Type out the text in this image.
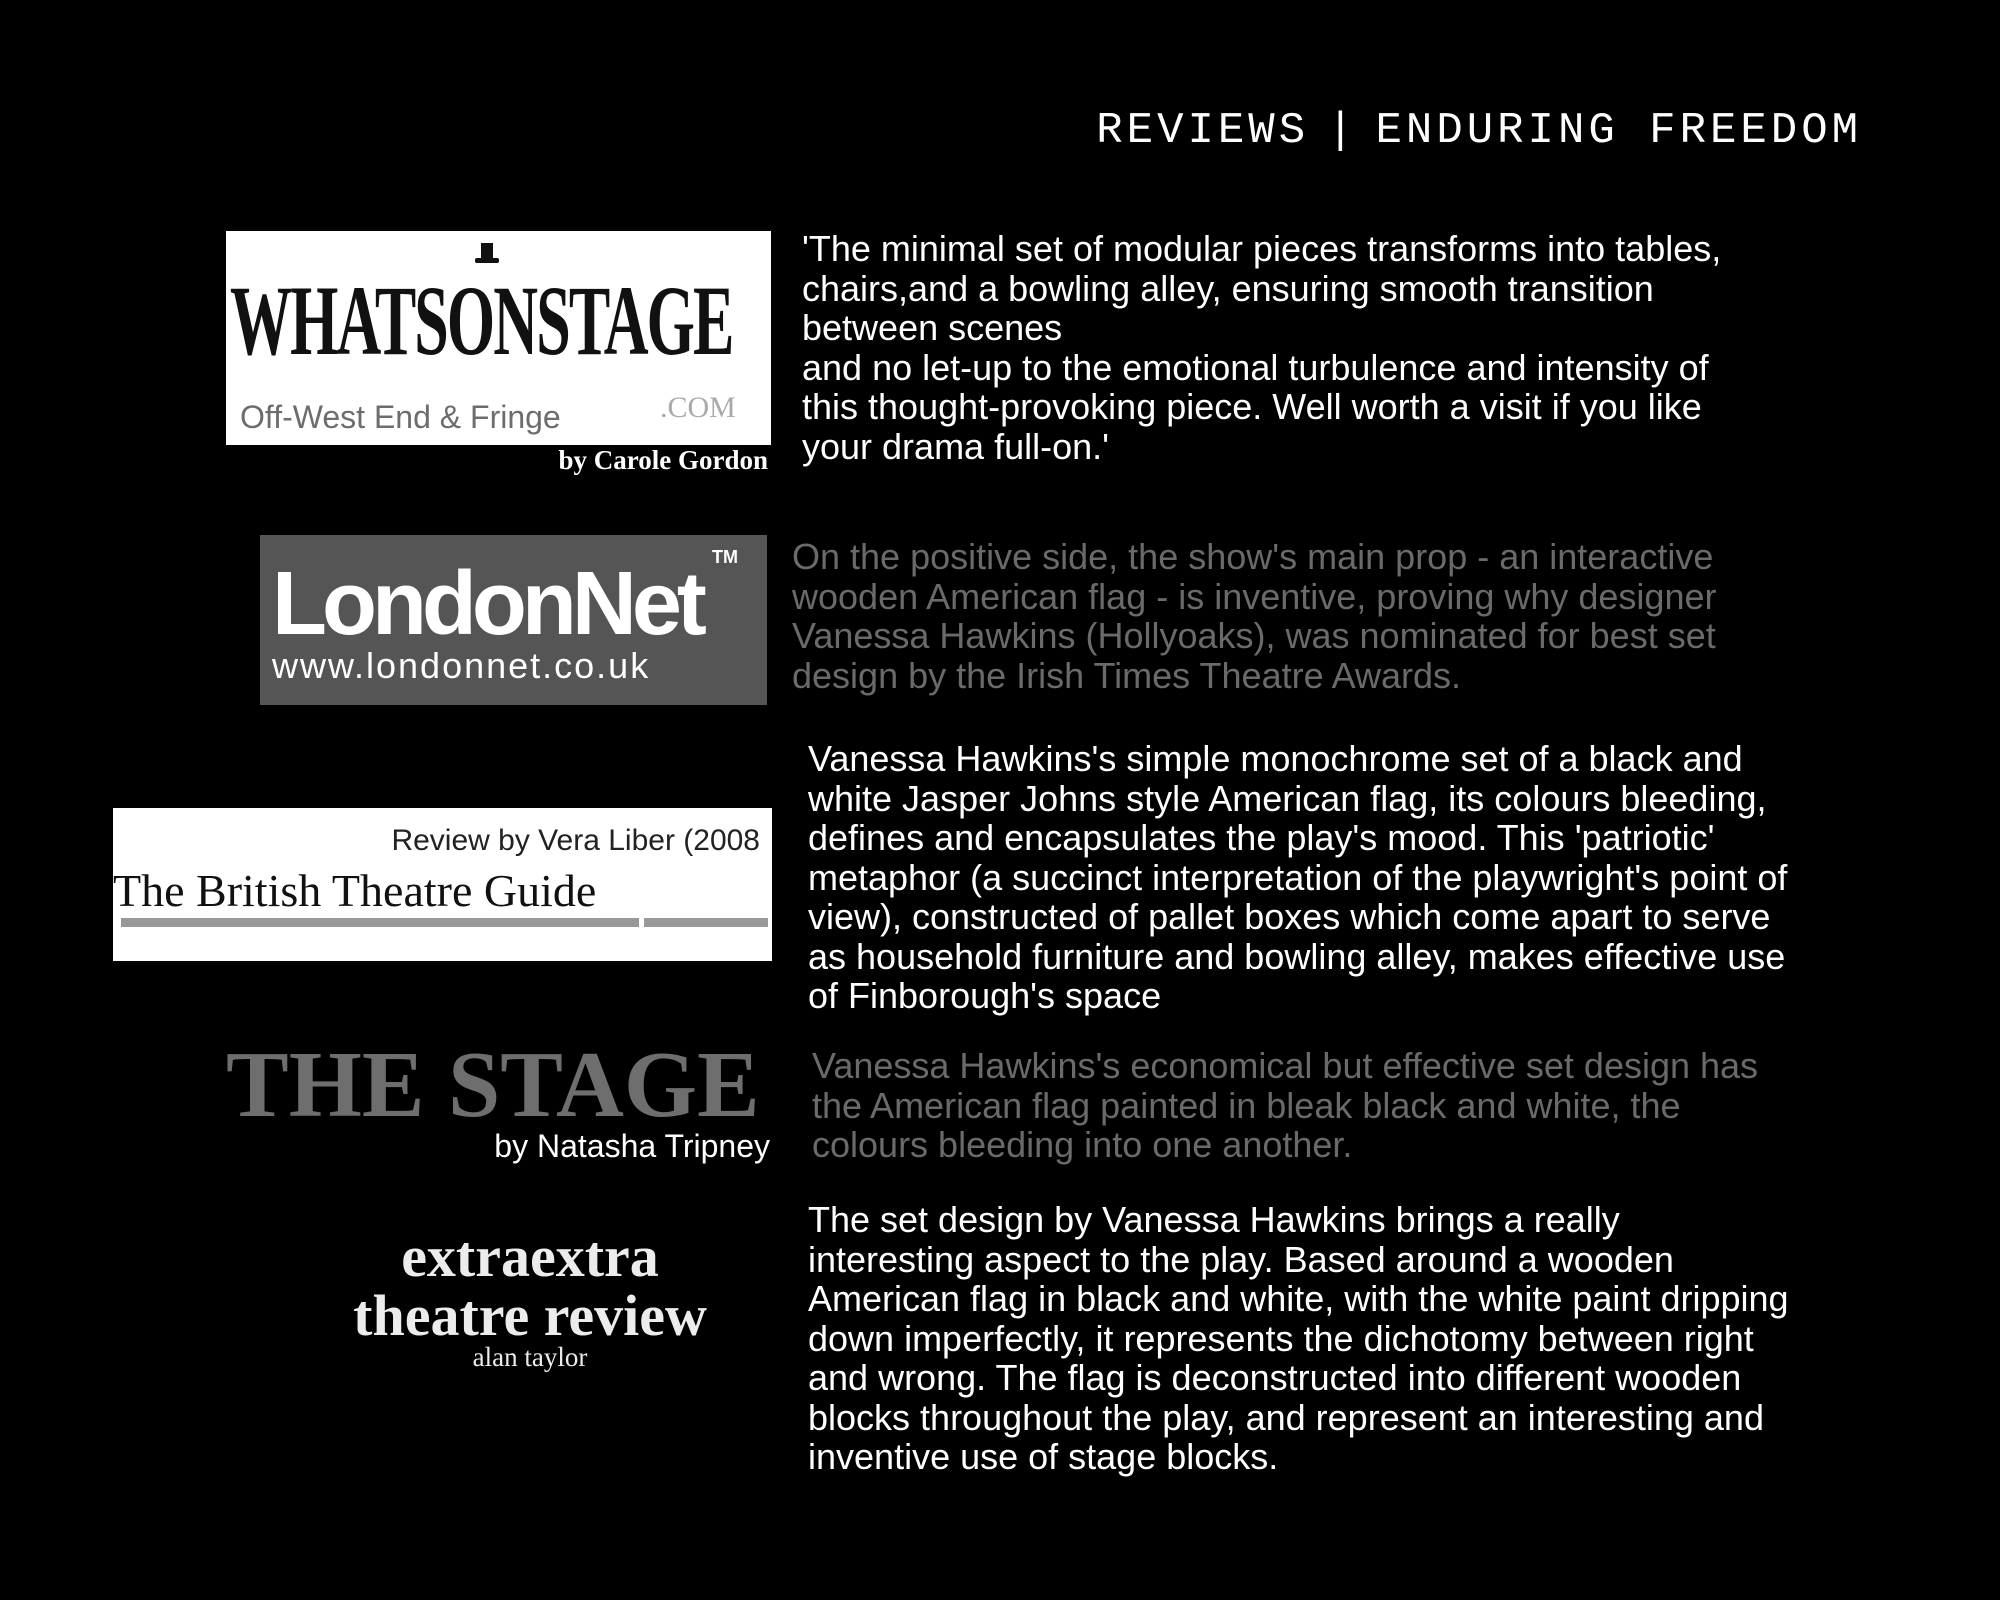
REVIEWS | ENDURING FREEDOM
WHATSONSTAGE
Off-West End & Fringe	.COM
by Carole Gordon
'The minimal set of modular pieces transforms into tables,
chairs,and a bowling alley, ensuring smooth transition
between scenes
and no let-up to the emotional turbulence and intensity of
this thought-provoking piece. Well worth a visit if you like
your drama full-on.'
LondonNet TM
www.londonnet.co.uk
On the positive side, the show's main prop - an interactive
wooden American flag - is inventive, proving why designer
Vanessa Hawkins (Hollyoaks), was nominated for best set
design by the Irish Times Theatre Awards.
Review by Vera Liber (2008
The British Theatre Guide
Vanessa Hawkins's simple monochrome set of a black and
white Jasper Johns style American flag, its colours bleeding,
defines and encapsulates the play's mood. This 'patriotic'
metaphor (a succinct interpretation of the playwright's point of
view), constructed of pallet boxes which come apart to serve
as household furniture and bowling alley, makes effective use
of Finborough's space
THE STAGE
by Natasha Tripney
Vanessa Hawkins's economical but effective set design has
the American flag painted in bleak black and white, the
colours bleeding into one another.
extraextra
theatre review
alan taylor
The set design by Vanessa Hawkins brings a really
interesting aspect to the play. Based around a wooden
American flag in black and white, with the white paint dripping
down imperfectly, it represents the dichotomy between right
and wrong. The flag is deconstructed into different wooden
blocks throughout the play, and represent an interesting and
inventive use of stage blocks.
